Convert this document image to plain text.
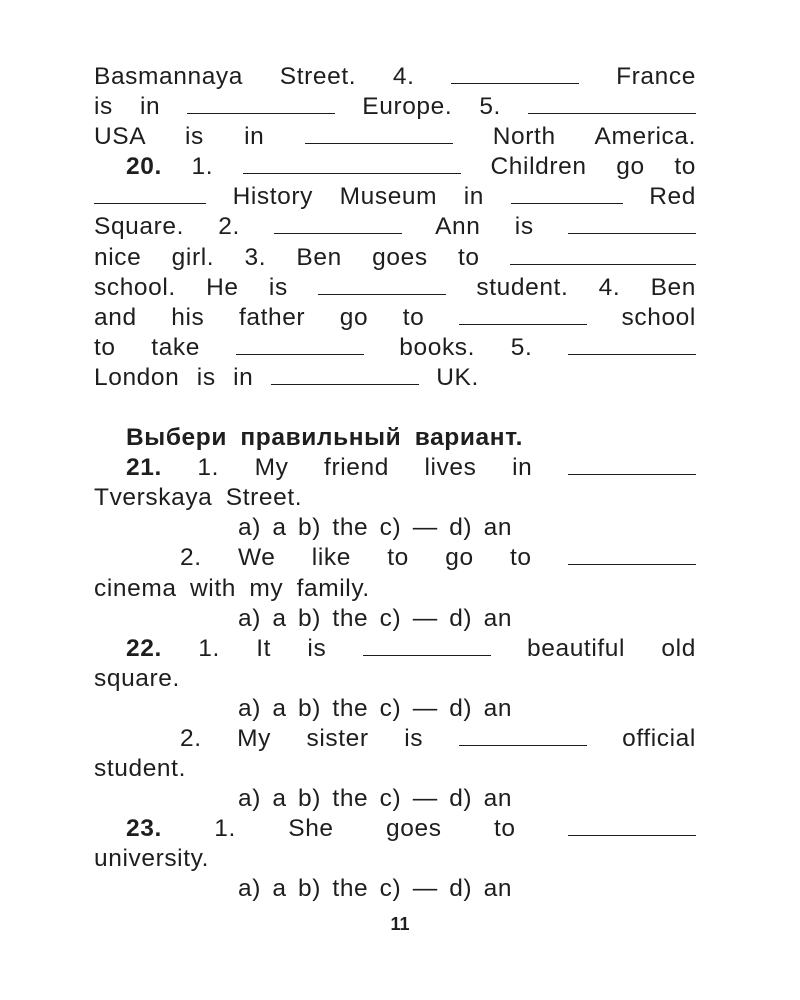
Basmannaya Street. 4.	France
is in	Europe. 5.
USA is in	North America.
20. 1.	Children go to
History Museum in	Red
Square. 2.	Ann is
nice girl. 3. Ben goes to
school. He is	student. 4. Ben
and his father go to	school
to take	books. 5.
London is in	UK.
Выбери правильный вариант.
21. 1. My friend lives in
Tverskaya Street.
a) a b) the c) — d) an
2. We like to go to
cinema with my family.
a) a b) the c) — d) an
22. 1. It is	beautiful old
square.
a) a b) the c) — d) an
2. My sister is	official
student.
a) a b) the c) — d) an
23. 1. She goes to
university.
a) a b) the c) — d) an
11
